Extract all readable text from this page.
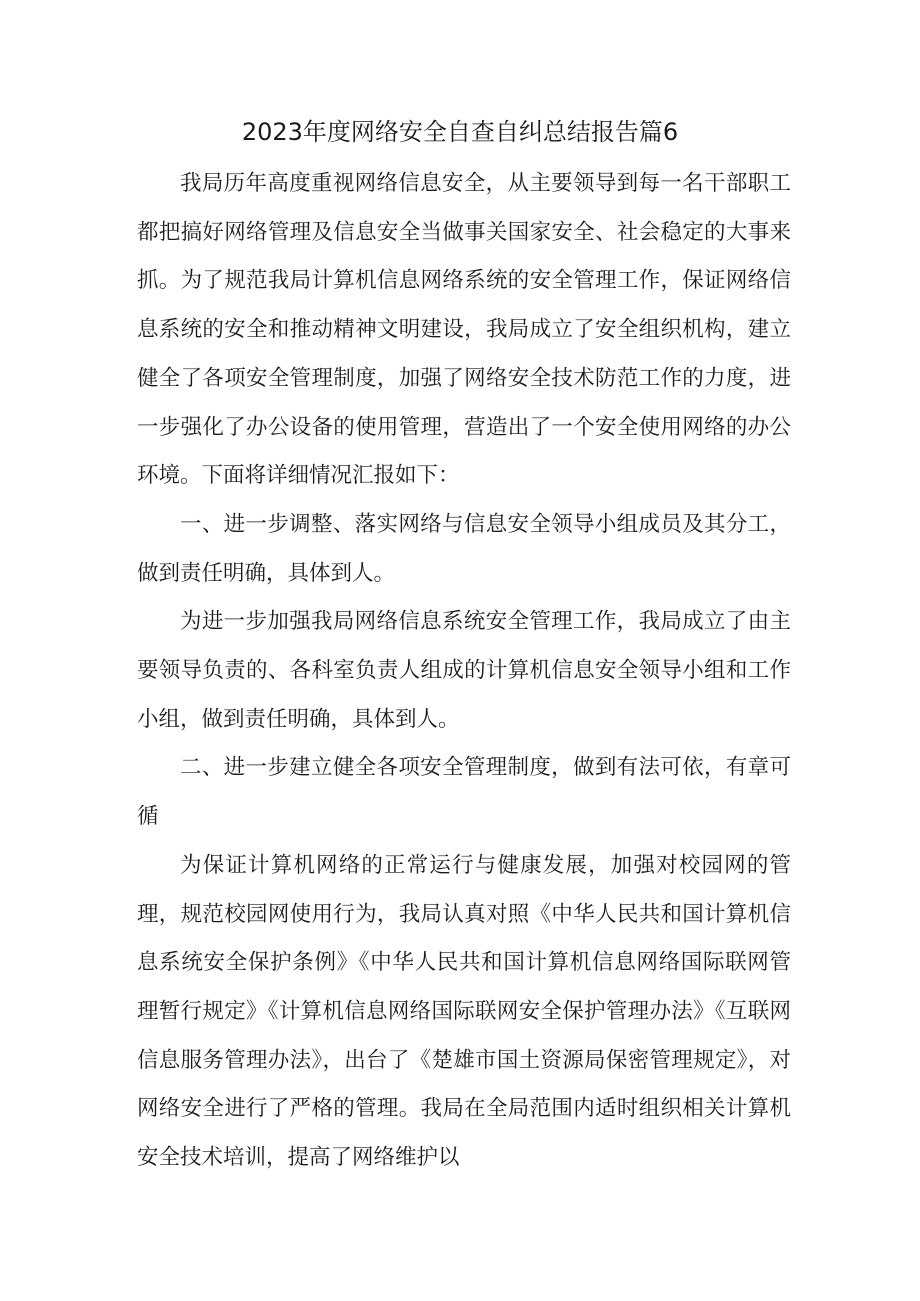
2023年度网络安全自查自纠总结报告篇6

我局历年高度重视网络信息安全，从主要领导到每一名干部职工都把搞好网络管理及信息安全当做事关国家安全、社会稳定的大事来抓。为了规范我局计算机信息网络系统的安全管理工作，保证网络信息系统的安全和推动精神文明建设，我局成立了安全组织机构，建立健全了各项安全管理制度，加强了网络安全技术防范工作的力度，进一步强化了办公设备的使用管理，营造出了一个安全使用网络的办公环境。下面将详细情况汇报如下：

一、进一步调整、落实网络与信息安全领导小组成员及其分工，做到责任明确，具体到人。

为进一步加强我局网络信息系统安全管理工作，我局成立了由主要领导负责的、各科室负责人组成的计算机信息安全领导小组和工作小组，做到责任明确，具体到人。

二、进一步建立健全各项安全管理制度，做到有法可依，有章可循

为保证计算机网络的正常运行与健康发展，加强对校园网的管理，规范校园网使用行为，我局认真对照《中华人民共和国计算机信息系统安全保护条例》《中华人民共和国计算机信息网络国际联网管理暂行规定》《计算机信息网络国际联网安全保护管理办法》《互联网信息服务管理办法》，出台了《楚雄市国土资源局保密管理规定》，对网络安全进行了严格的管理。我局在全局范围内适时组织相关计算机安全技术培训，提高了网络维护以
